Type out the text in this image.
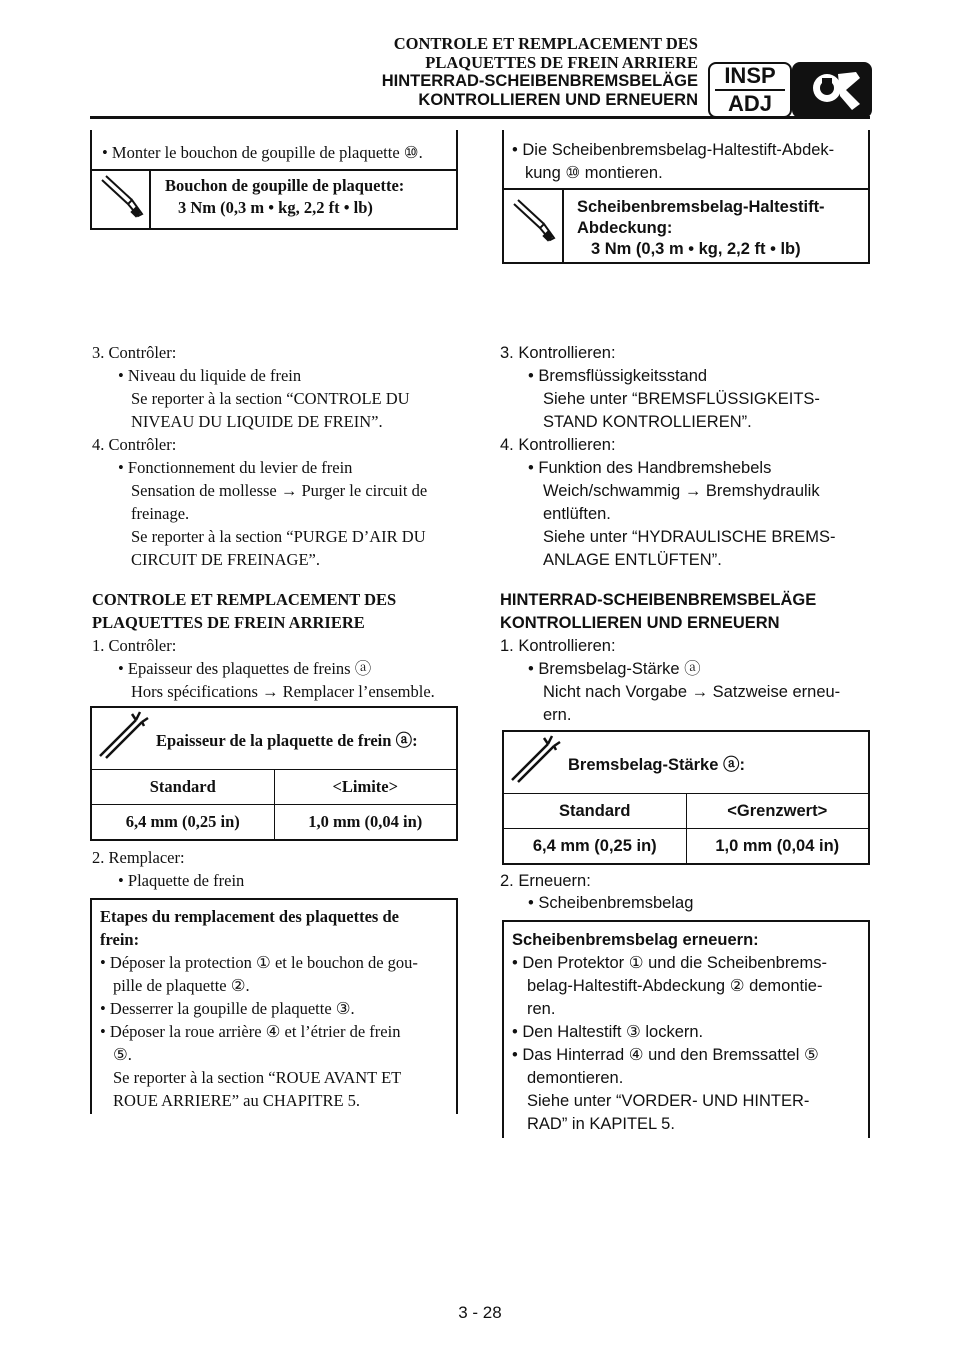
CONTROLE ET REMPLACEMENT DES
PLAQUETTES DE FREIN ARRIERE
HINTERRAD-SCHEIBENBREMSBELÄGE
KONTROLLIEREN UND ERNEUERN
INSP
ADJ
• Monter le bouchon de goupille de plaquette ⑩.
Bouchon de goupille de plaquette:
3 Nm (0,3 m • kg, 2,2 ft • lb)
3. Contrôler:
• Niveau du liquide de frein
Se reporter à la section “CONTROLE DU
NIVEAU DU LIQUIDE DE FREIN”.
4. Contrôler:
• Fonctionnement du levier de frein
Sensation de mollesse → Purger le circuit de
freinage.
Se reporter à la section “PURGE D’AIR DU
CIRCUIT DE FREINAGE”.
CONTROLE ET REMPLACEMENT DES
PLAQUETTES DE FREIN ARRIERE
1. Contrôler:
• Epaisseur des plaquettes de freins ⓐ
Hors spécifications → Remplacer l’ensemble.
Epaisseur de la plaquette de frein ⓐ:	

Standard	<Limite>
6,4 mm (0,25 in)	1,0 mm (0,04 in)
2. Remplacer:
• Plaquette de frein
Etapes du remplacement des plaquettes de
frein:
• Déposer la protection ① et le bouchon de gou-
pille de plaquette ②.
• Desserrer la goupille de plaquette ③.
• Déposer la roue arrière ④ et l’étrier de frein
⑤.
Se reporter à la section “ROUE AVANT ET
ROUE ARRIERE” au CHAPITRE 5.
• Die Scheibenbremsbelag-Haltestift-Abdek-
kung ⑩ montieren.
Scheibenbremsbelag-Haltestift-
Abdeckung:
3 Nm (0,3 m • kg, 2,2 ft • lb)
3. Kontrollieren:
• Bremsflüssigkeitsstand
Siehe unter “BREMSFLÜSSIGKEITS-
STAND KONTROLLIEREN”.
4. Kontrollieren:
• Funktion des Handbremshebels
Weich/schwammig → Bremshydraulik
entlüften.
Siehe unter “HYDRAULISCHE BREMS-
ANLAGE ENTLÜFTEN”.
HINTERRAD-SCHEIBENBREMSBELÄGE
KONTROLLIEREN UND ERNEUERN
1. Kontrollieren:
• Bremsbelag-Stärke ⓐ
Nicht nach Vorgabe → Satzweise erneu-
ern.
Bremsbelag-Stärke ⓐ:	

Standard	<Grenzwert>
6,4 mm (0,25 in)	1,0 mm (0,04 in)
2. Erneuern:
• Scheibenbremsbelag
Scheibenbremsbelag erneuern:
• Den Protektor ① und die Scheibenbrems-
belag-Haltestift-Abdeckung ② demontie-
ren.
• Den Haltestift ③ lockern.
• Das Hinterrad ④ und den Bremssattel ⑤
demontieren.
Siehe unter “VORDER- UND HINTER-
RAD” in KAPITEL 5.
3 - 28
